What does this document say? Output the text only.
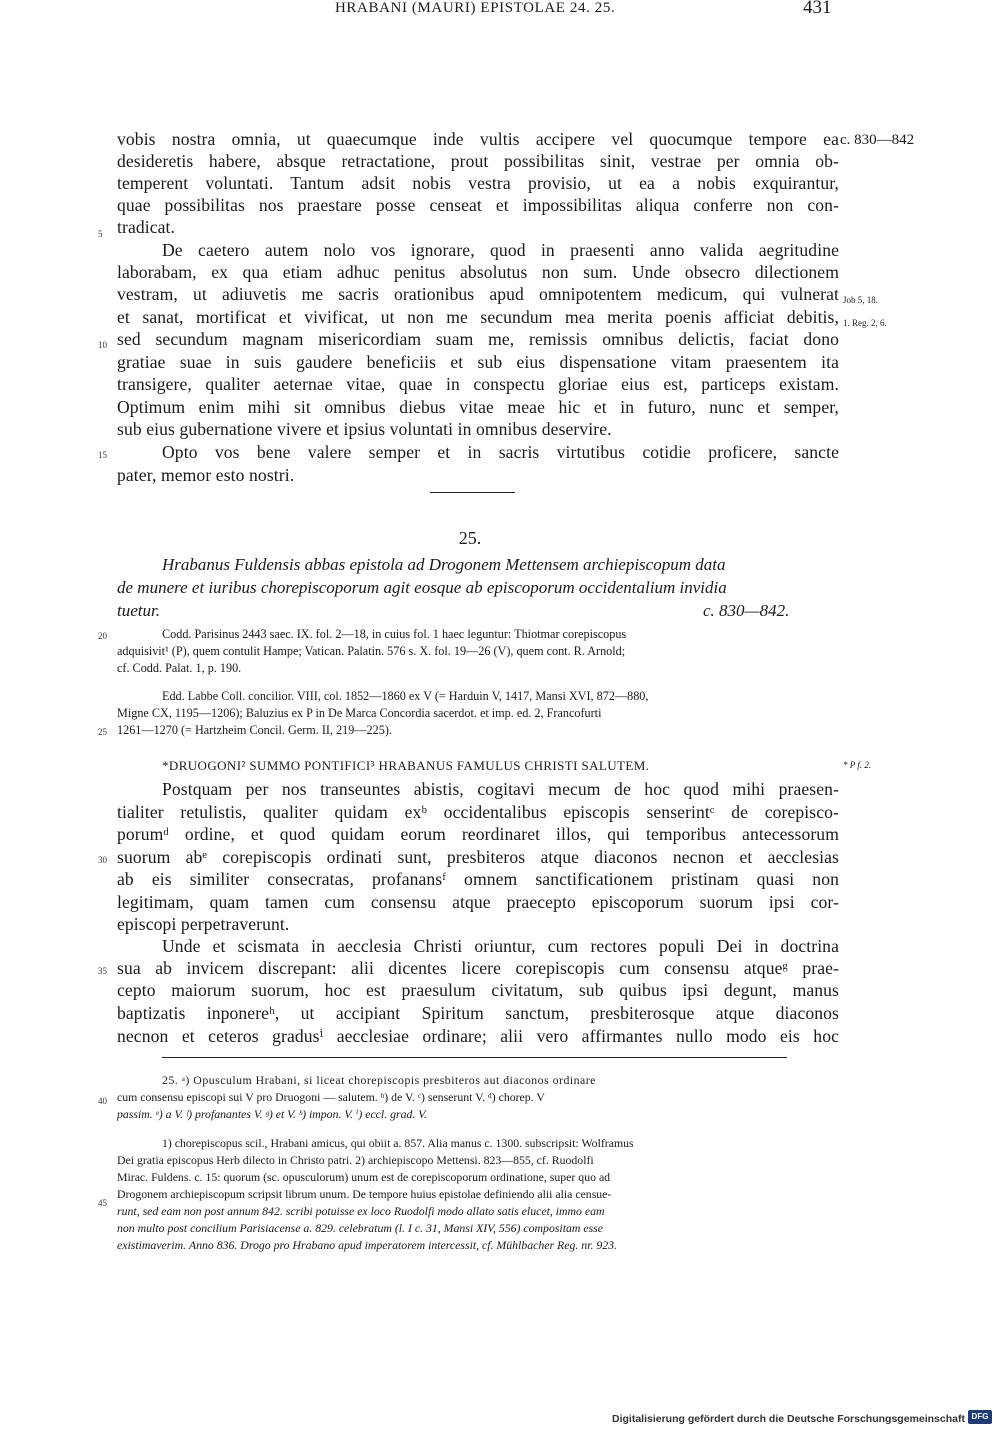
HRABANI (MAURI) EPISTOLAE 24. 25.	431
c. 830—842
Job 5, 18.
1. Reg. 2, 6.
5
10
15
20
25
30
35
40
45
vobis nostra omnia, ut quaecumque inde vultis accipere vel quocumque tempore ea
desideretis habere, absque retractatione, prout possibilitas sinit, vestrae per omnia ob-
temperent voluntati. Tantum adsit nobis vestra provisio, ut ea a nobis exquirantur,
quae possibilitas nos praestare posse censeat et impossibilitas aliqua conferre non con-
tradicat.
De caetero autem nolo vos ignorare, quod in praesenti anno valida aegritudine
laborabam, ex qua etiam adhuc penitus absolutus non sum. Unde obsecro dilectionem
vestram, ut adiuvetis me sacris orationibus apud omnipotentem medicum, qui vulnerat
et sanat, mortificat et vivificat, ut non me secundum mea merita poenis afficiat debitis,
sed secundum magnam misericordiam suam me, remissis omnibus delictis, faciat dono
gratiae suae in suis gaudere beneficiis et sub eius dispensatione vitam praesentem ita
transigere, qualiter aeternae vitae, quae in conspectu gloriae eius est, particeps existam.
Optimum enim mihi sit omnibus diebus vitae meae hic et in futuro, nunc et semper,
sub eius gubernatione vivere et ipsius voluntati in omnibus deservire.
Opto vos bene valere semper et in sacris virtutibus cotidie proficere, sancte
pater, memor esto nostri.
25.
Hrabanus Fuldensis abbas epistola ad Drogonem Mettensem archiepiscopum data
de munere et iuribus chorepiscoporum agit eosque ab episcoporum occidentalium invidia
tuetur.	c. 830—842.
Codd. Parisinus 2443 saec. IX. fol. 2—18, in cuius fol. 1 haec leguntur: Thiotmar corepiscopus
adquisivit¹ (P), quem contulit Hampe; Vatican. Palatin. 576 s. X. fol. 19—26 (V), quem cont. R. Arnold;
cf. Codd. Palat. 1, p. 190.
Edd. Labbe Coll. concilior. VIII, col. 1852—1860 ex V (= Harduin V, 1417, Mansi XVI, 872—880,
Migne CX, 1195—1206); Baluzius ex P in De Marca Concordia sacerdot. et imp. ed. 2, Francofurti
1261—1270 (= Hartzheim Concil. Germ. II, 219—225).
*DRUOGONI² SUMMO PONTIFICI³ HRABANUS FAMULUS CHRISTI SALUTEM.	* P f. 2.
Postquam per nos transeuntes abistis, cogitavi mecum de hoc quod mihi praesen-
tialiter retulistis, qualiter quidam exᵇ occidentalibus episcopis senserintᶜ de corepisco-
porumᵈ ordine, et quod quidam eorum reordinaret illos, qui temporibus antecessorum
suorum abᵉ corepiscopis ordinati sunt, presbiteros atque diaconos necnon et aecclesias
ab eis similiter consecratas, profanansᶠ omnem sanctificationem pristinam quasi non
legitimam, quam tamen cum consensu atque praecepto episcoporum suorum ipsi cor-
episcopi perpetraverunt.
Unde et scismata in aecclesia Christi oriuntur, cum rectores populi Dei in doctrina
sua ab invicem discrepant: alii dicentes licere corepiscopis cum consensu atqueᵍ prae-
cepto maiorum suorum, hoc est praesulum civitatum, sub quibus ipsi degunt, manus
baptizatis inponereʰ, ut accipiant Spiritum sanctum, presbiterosque atque diaconos
necnon et ceteros gradusⁱ aecclesiae ordinare; alii vero affirmantes nullo modo eis hoc
25. ᵃ) Opusculum Hrabani, si liceat chorepiscopis presbiteros aut diaconos ordinare
cum consensu episcopi sui V pro Druogoni — salutem. ᵇ) de V. ᶜ) senserunt V. ᵈ) chorep. V
passim. ᵉ) a V. ᶠ) profanantes V. ᵍ) et V. ʰ) impon. V. ⁱ) eccl. grad. V.
1) chorepiscopus scil., Hrabani amicus, qui obiit a. 857. Alia manus c. 1300. subscripsit: Wolframus
Dei gratia episcopus Herb dilecto in Christo patri. 2) archiepiscopo Mettensi. 823—855, cf. Ruodolfi
Mirac. Fuldens. c. 15: quorum (sc. opusculorum) unum est de corepiscoporum ordinatione, super quo ad
Drogonem archiepiscopum scripsit librum unum. De tempore huius epistolae definiendo alii alia censue-
runt, sed eam non post annum 842. scribi potuisse ex loco Ruodolfi modo allato satis elucet, immo eam
non multo post concilium Parisiacense a. 829. celebratum (l. I c. 31, Mansi XIV, 556) compositam esse
existimaverim. Anno 836. Drogo pro Hrabano apud imperatorem intercessit, cf. Mühlbacher Reg. nr. 923.
Digitalisierung gefördert durch die Deutsche Forschungsgemeinschaft DFG
